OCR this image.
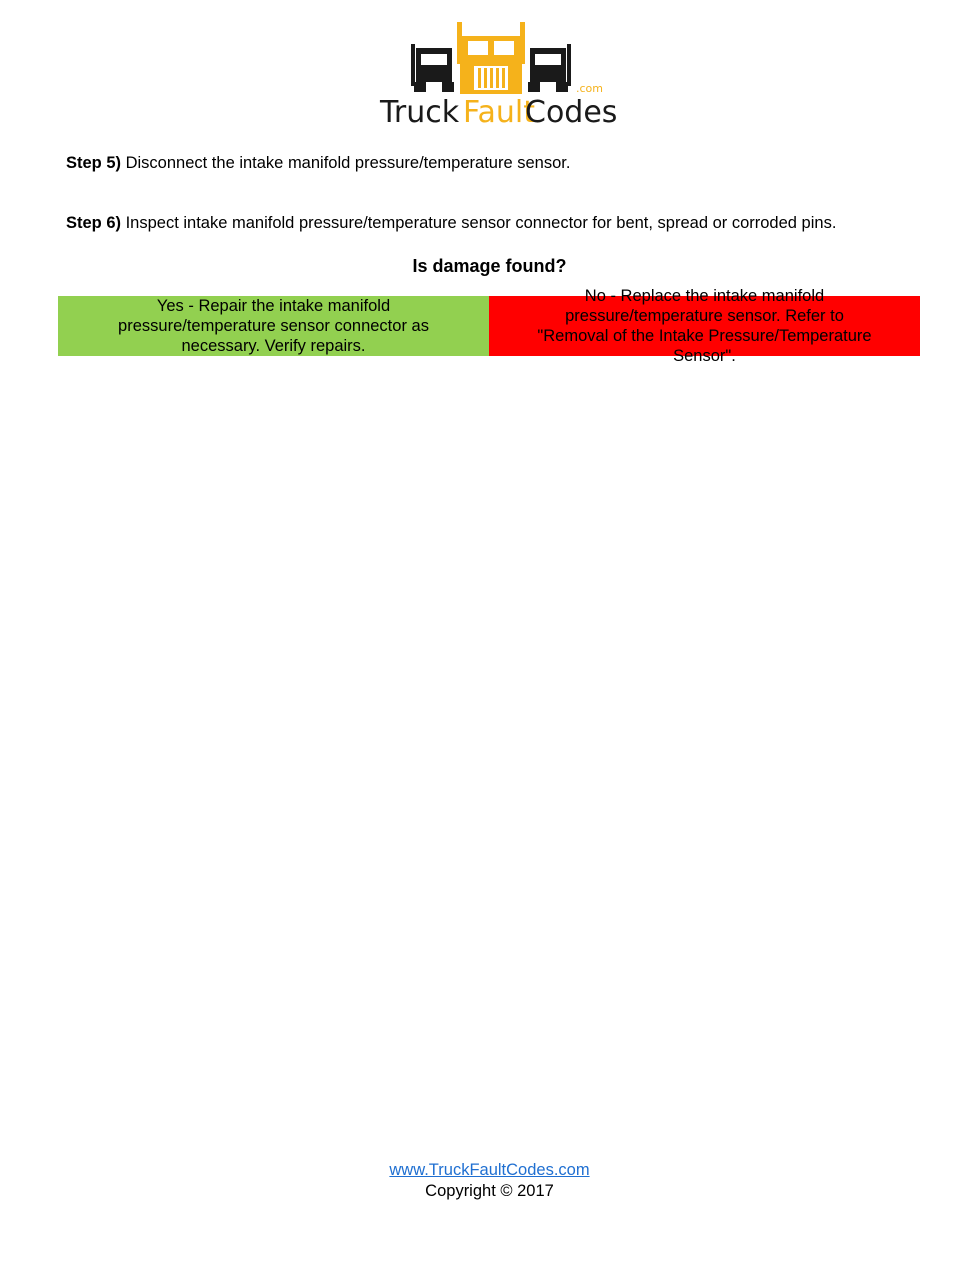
Truck Fault
Codes
.com
Step 5) Disconnect the intake manifold pressure/temperature sensor.
Step 6) Inspect intake manifold pressure/temperature sensor connector for bent, spread or corroded pins.
Is damage found?
Yes - Repair the intake manifold pressure/temperature sensor connector as necessary. Verify repairs.
No - Replace the intake manifold pressure/temperature sensor. Refer to "Removal of the Intake Pressure/Temperature Sensor".
www.TruckFaultCodes.com
Copyright © 2017
